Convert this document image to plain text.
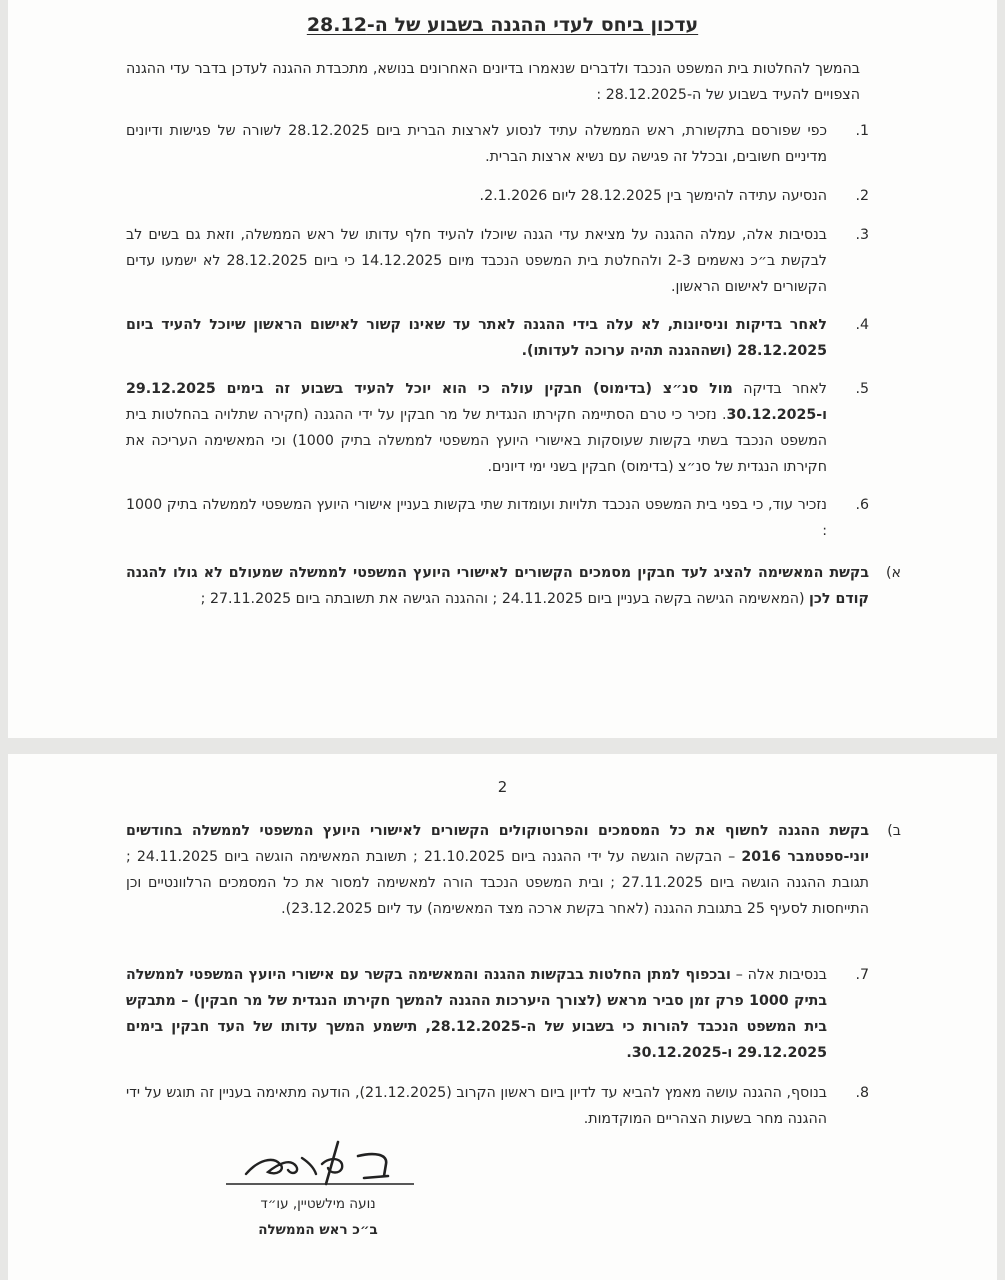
עדכון ביחס לעדי ההגנה בשבוע של ה-28.12
בהמשך להחלטות בית המשפט הנכבד ולדברים שנאמרו בדיונים האחרונים בנושא, מתכבדת ההגנה לעדכן בדבר עדי ההגנה הצפויים להעיד בשבוע של ה-28.12.2025 :
1.
כפי שפורסם בתקשורת, ראש הממשלה עתיד לנסוע לארצות הברית ביום 28.12.2025 לשורה של פגישות ודיונים מדיניים חשובים, ובכלל זה פגישה עם נשיא ארצות הברית.
2.
הנסיעה עתידה להימשך בין 28.12.2025 ליום 2.1.2026.
3.
בנסיבות אלה, עמלה ההגנה על מציאת עדי הגנה שיוכלו להעיד חלף עדותו של ראש הממשלה, וזאת גם בשים לב לבקשת ב״כ נאשמים 2-3 ולהחלטת בית המשפט הנכבד מיום 14.12.2025 כי ביום 28.12.2025 לא ישמעו עדים הקשורים לאישום הראשון.
4.
לאחר בדיקות וניסיונות, לא עלה בידי ההגנה לאתר עד שאינו קשור לאישום הראשון שיוכל להעיד ביום 28.12.2025 (ושההגנה תהיה ערוכה לעדותו).
5.
לאחר בדיקה מול סנ״צ (בדימוס) חבקין עולה כי הוא יוכל להעיד בשבוע זה בימים 29.12.2025 ו-30.12.2025. נזכיר כי טרם הסתיימה חקירתו הנגדית של מר חבקין על ידי ההגנה (חקירה שתלויה בהחלטות בית המשפט הנכבד בשתי בקשות שעוסקות באישורי היועץ המשפטי לממשלה בתיק 1000) וכי המאשימה העריכה את חקירתו הנגדית של סנ״צ (בדימוס) חבקין בשני ימי דיונים.
6.
נזכיר עוד, כי בפני בית המשפט הנכבד תלויות ועומדות שתי בקשות בעניין אישורי היועץ המשפטי לממשלה בתיק 1000 :
א)
בקשת המאשימה להציג לעד חבקין מסמכים הקשורים לאישורי היועץ המשפטי לממשלה שמעולם לא גולו להגנה קודם לכן (המאשימה הגישה בקשה בעניין ביום 24.11.2025 ; וההגנה הגישה את תשובתה ביום 27.11.2025 ;
2
ב)
בקשת ההגנה לחשוף את כל המסמכים והפרוטוקולים הקשורים לאישורי היועץ המשפטי לממשלה בחודשים יוני-ספטמבר 2016 – הבקשה הוגשה על ידי ההגנה ביום 21.10.2025 ; תשובת המאשימה הוגשה ביום 24.11.2025 ; תגובת ההגנה הוגשה ביום 27.11.2025 ; ובית המשפט הנכבד הורה למאשימה למסור את כל המסמכים הרלוונטיים וכן התייחסות לסעיף 25 בתגובת ההגנה (לאחר בקשת ארכה מצד המאשימה) עד ליום 23.12.2025).
7.
בנסיבות אלה – ובכפוף למתן החלטות בבקשות ההגנה והמאשימה בקשר עם אישורי היועץ המשפטי לממשלה בתיק 1000 פרק זמן סביר מראש (לצורך היערכות ההגנה להמשך חקירתו הנגדית של מר חבקין) – מתבקש בית המשפט הנכבד להורות כי בשבוע של ה-28.12.2025, תישמע המשך עדותו של העד חבקין בימים 29.12.2025 ו-30.12.2025.
8.
בנוסף, ההגנה עושה מאמץ להביא עד לדיון ביום ראשון הקרוב (21.12.2025), הודעה מתאימה בעניין זה תוגש על ידי ההגנה מחר בשעות הצהריים המוקדמות.
נועה מילשטיין, עו״ד
ב״כ ראש הממשלה
